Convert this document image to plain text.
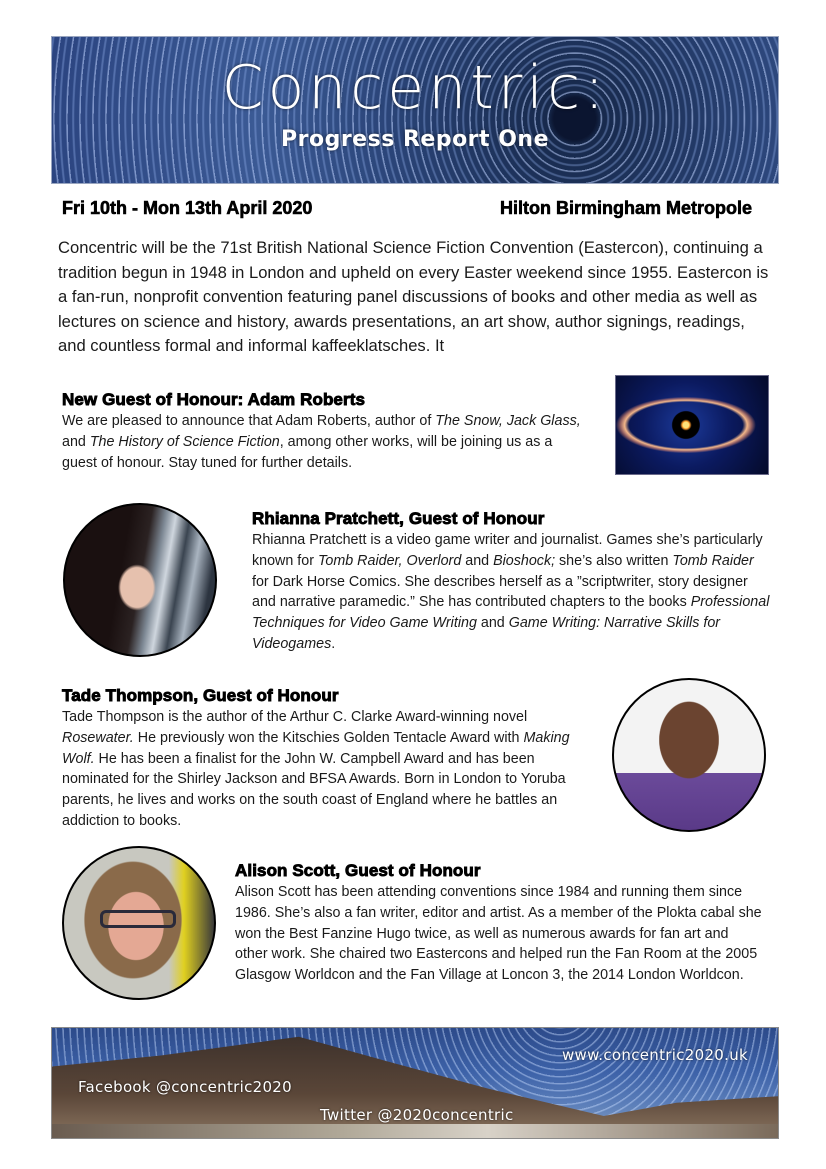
Concentric:
Progress Report One
Fri 10th - Mon 13th April 2020	Hilton Birmingham Metropole
Concentric will be the 71st British National Science Fiction Convention (Eastercon), continuing a tradition begun in 1948 in London and upheld on every Easter weekend since 1955. Eastercon is a fan-run, nonprofit convention featuring panel discussions of books and other media as well as lectures on science and history, awards presentations, an art show, author signings, readings, and countless formal and informal kaffeeklatsches. It
New Guest of Honour: Adam Roberts

We are pleased to announce that Adam Roberts, author of The Snow, Jack Glass, and The History of Science Fiction, among other works, will be joining us as a guest of honour. Stay tuned for further details.

Rhianna Pratchett, Guest of Honour

Rhianna Pratchett is a video game writer and journalist. Games she’s particularly known for Tomb Raider, Overlord and Bioshock; she’s also written Tomb Raider for Dark Horse Comics. She describes herself as a ”scriptwriter, story designer and narrative paramedic.” She has contributed chapters to the books Professional Techniques for Video Game Writing and Game Writing: Narrative Skills for Videogames.

Tade Thompson, Guest of Honour

Tade Thompson is the author of the Arthur C. Clarke Award-winning novel Rosewater. He previously won the Kitschies Golden Tentacle Award with Making Wolf. He has been a finalist for the John W. Campbell Award and has been nominated for the Shirley Jackson and BFSA Awards. Born in London to Yoruba parents, he lives and works on the south coast of England where he battles an addiction to books.

Alison Scott, Guest of Honour

Alison Scott has been attending conventions since 1984 and running them since 1986. She’s also a fan writer, editor and artist. As a member of the Plokta cabal she won the Best Fanzine Hugo twice, as well as numerous awards for fan art and other work. She chaired two Eastercons and helped run the Fan Room at the 2005 Glasgow Worldcon and the Fan Village at Loncon 3, the 2014 London Worldcon.

www.concentric2020.uk
Facebook @concentric2020
Twitter @2020concentric
